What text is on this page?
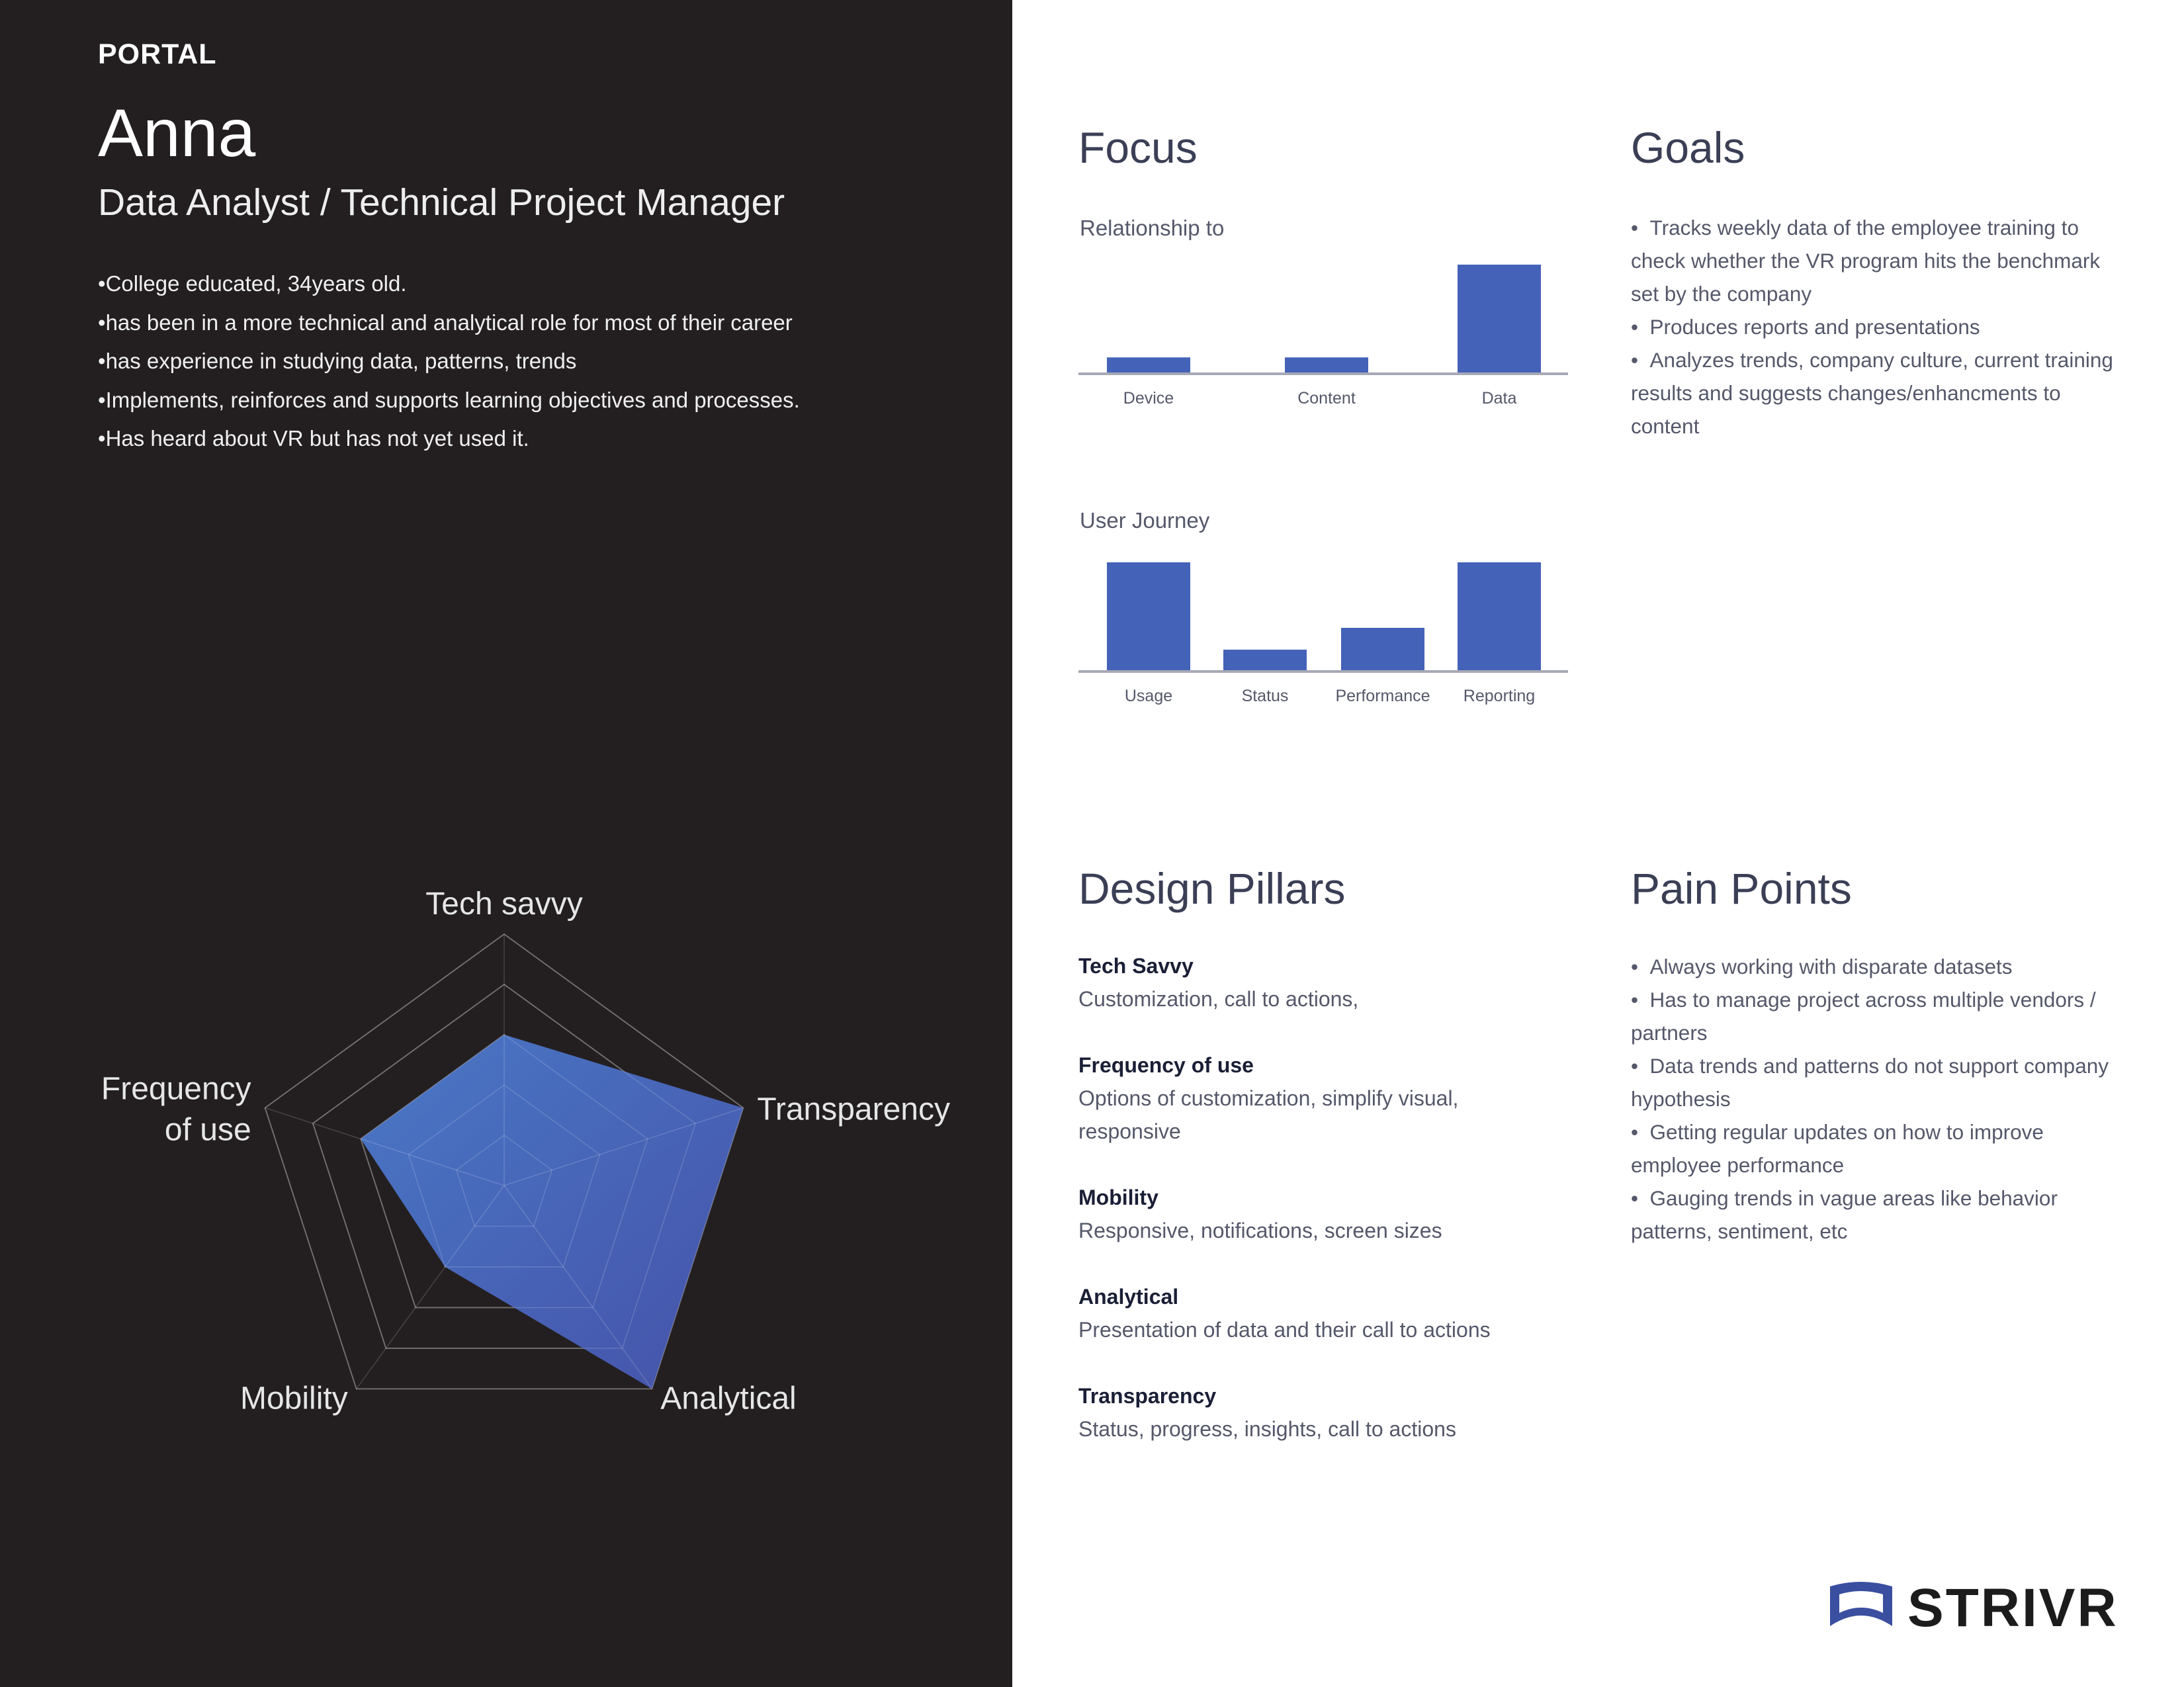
PORTAL
Anna
Data Analyst / Technical Project Manager
• College educated, 34years old.
• has been in a more technical and analytical role for most of their career
• has experience in studying data, patterns, trends
• Implements, reinforces and supports learning objectives and processes.
• Has heard about VR but has not yet used it.
Tech savvy
Transparency
Analytical
Mobility
Frequency of use
Focus
Relationship to
Device	Content	Data
User Journey
Usage	Status	Performance Reporting
Goals
•  Tracks weekly data of the employee training to check whether the VR program hits the benchmark set by the company
•  Produces reports and presentations
•  Analyzes trends, company culture, current training results and suggests changes/enhancments to content
Design Pillars
Tech Savvy
Customization, call to actions,
Frequency of use
Options of customization, simplify visual, responsive
Mobility
Responsive, notifications, screen sizes
Analytical
Presentation of data and their call to actions
Transparency
Status, progress, insights, call to actions
Pain Points
•  Always working with disparate datasets
•  Has to manage project across multiple vendors / partners
•  Data trends and patterns do not support company hypothesis
•  Getting regular updates on how to improve employee performance
•  Gauging trends in vague areas like behavior patterns, sentiment, etc
STRIVR
